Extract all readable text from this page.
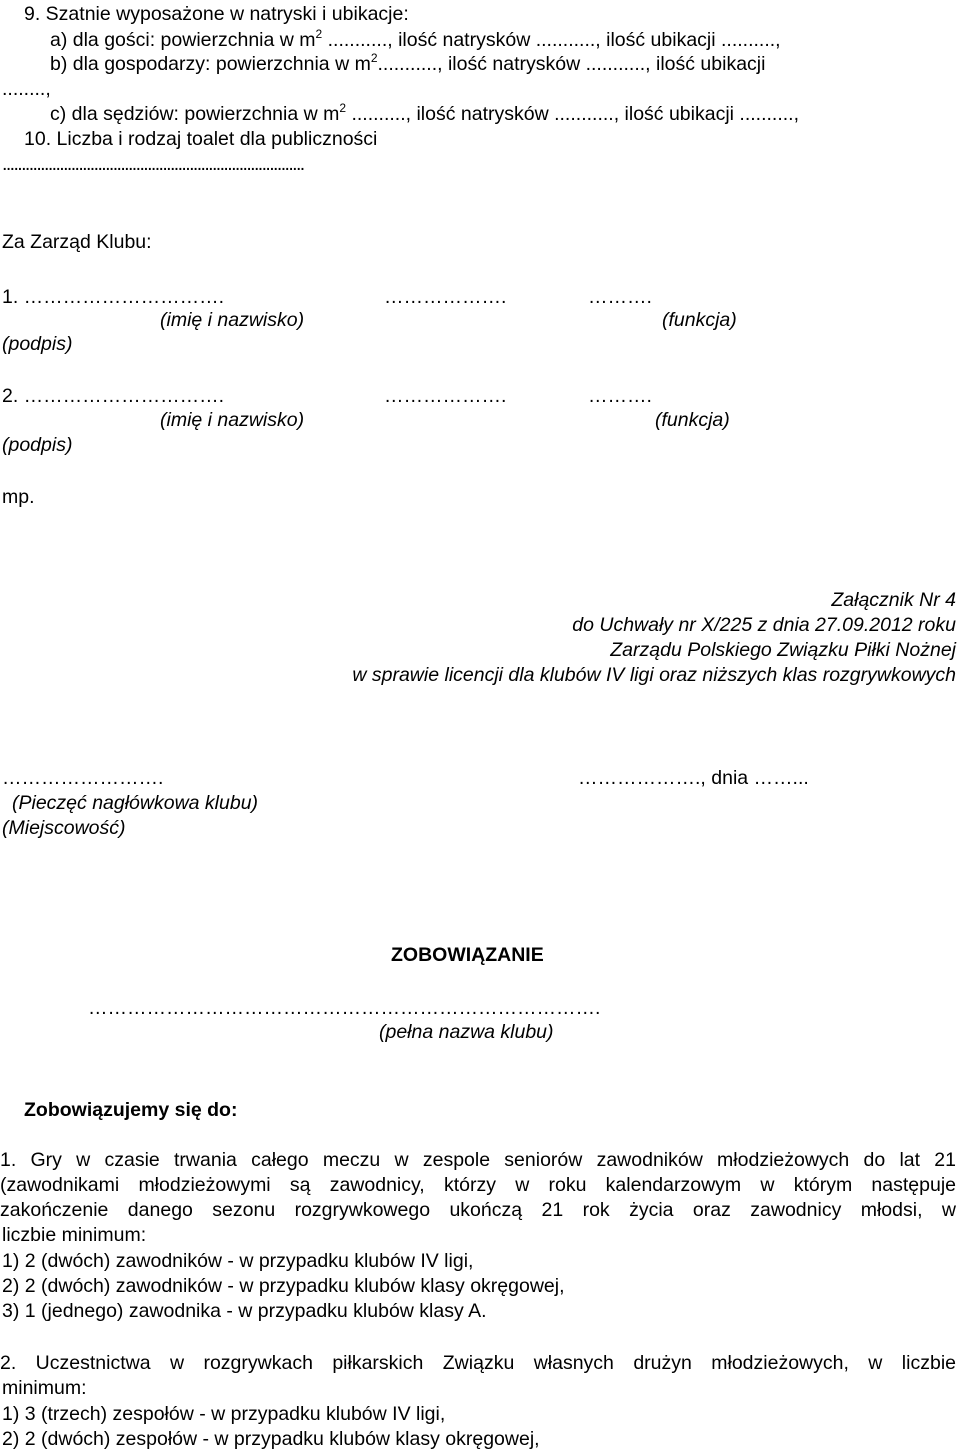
9. Szatnie wyposażone w natryski i ubikacje:

a) dla gości: powierzchnia w $m^2$ ..........., ilość natrysków ..........., ilość ubikacji ..........,

b) dla gospodarzy: powierzchnia w $m^2$..........., ilość natrysków ..........., ilość ubikacji

........,

c) dla sędziów: powierzchnia w $m^2$ .........., ilość natrysków ..........., ilość ubikacji ..........,

10. Liczba i rodzaj toalet dla publiczności

...............................................................................

Za Zarząd Klubu:

1. ………………………….	……………….	……….

(imię i nazwisko)	(funkcja)

(podpis)

2. ………………………….	……………….	……….

(imię i nazwisko)	(funkcja)

(podpis)

mp.

Załącznik Nr 4

do Uchwały nr X/225 z dnia 27.09.2012 roku

Zarządu Polskiego Związku Piłki Nożnej

w sprawie licencji dla klubów IV ligi oraz niższych klas rozgrywkowych

…………………….	………………., dnia ……...

(Pieczęć nagłówkowa klubu)

(Miejscowość)

ZOBOWIĄZANIE

…………………………………………………………………….

(pełna nazwa klubu)

Zobowiązujemy się do:

1. Gry w czasie trwania całego meczu w zespole seniorów zawodników młodzieżowych do lat 21
(zawodnikami młodzieżowymi są zawodnicy, którzy w roku kalendarzowym w którym następuje
zakończenie danego sezonu rozgrywkowego ukończą 21 rok życia oraz zawodnicy młodsi, w

liczbie minimum:

1) 2 (dwóch) zawodników - w przypadku klubów IV ligi,

2) 2 (dwóch) zawodników - w przypadku klubów klasy okręgowej,

3) 1 (jednego) zawodnika - w przypadku klubów klasy A.

2. Uczestnictwa w rozgrywkach piłkarskich Związku własnych drużyn młodzieżowych, w liczbie

minimum:

1) 3 (trzech) zespołów - w przypadku klubów IV ligi,

2) 2 (dwóch) zespołów - w przypadku klubów klasy okręgowej,
